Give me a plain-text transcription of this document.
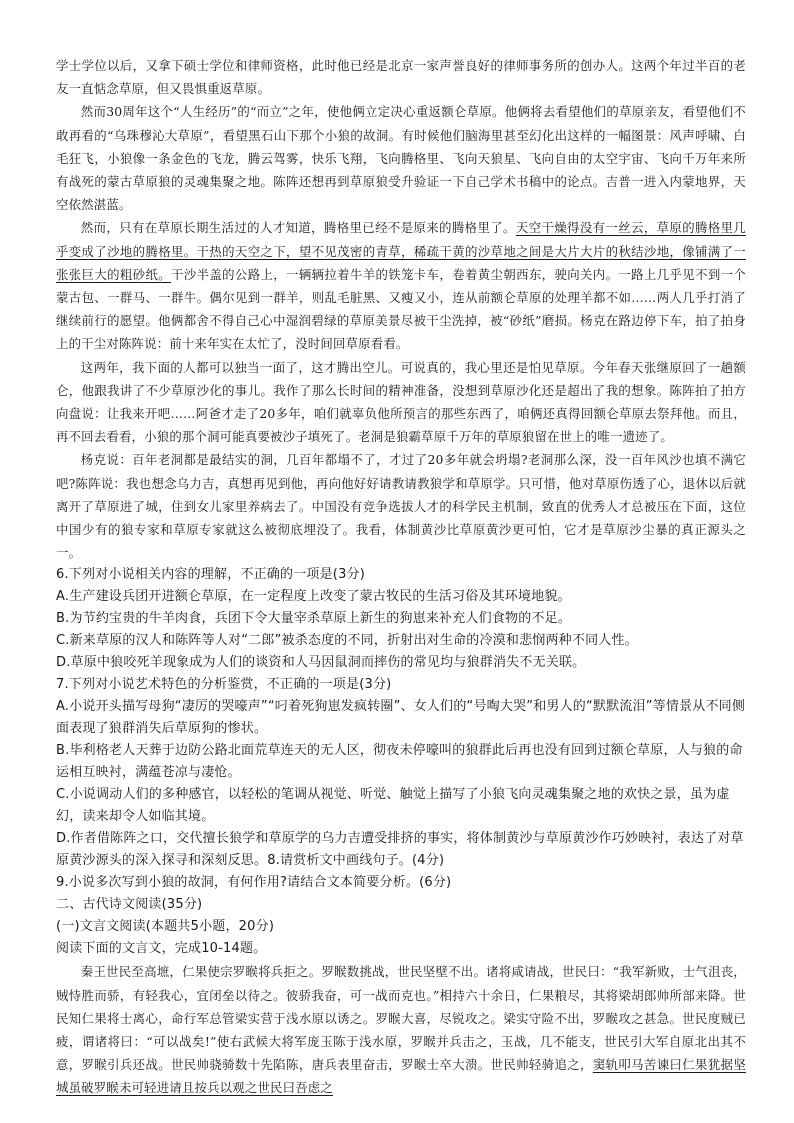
学士学位以后，又拿下硕士学位和律师资格，此时他已经是北京一家声誉良好的律师事务所的创办人。这两个年过半百的老友一直惦念草原，但又畏惧重返草原。

然而30周年这个“人生经历”的“而立”之年，使他俩立定决心重返额仑草原。他俩将去看望他们的草原亲友，看望他们不敢再看的“乌珠穆沁大草原”，看望黑石山下那个小狼的故洞。有时候他们脑海里甚至幻化出这样的一幅图景：风声呼啸、白毛狂飞，小狼像一条金色的飞龙，腾云驾雾，快乐飞翔，飞向腾格里、飞向天狼星、飞向自由的太空宇宙、飞向千万年来所有战死的蒙古草原狼的灵魂集聚之地。陈阵还想再到草原狼受升验证一下自己学术书稿中的论点。吉普一进入内蒙地界，天空依然湛蓝。

然而，只有在草原长期生活过的人才知道，腾格里已经不是原来的腾格里了。天空干燥得没有一丝云，草原的腾格里几乎变成了沙地的腾格里。干热的天空之下，望不见茂密的青草，稀疏干黄的沙草地之间是大片大片的秋结沙地，像铺满了一张张巨大的粗砂纸。干沙半盖的公路上，一辆辆拉着牛羊的铁笼卡车，卷着黄尘朝西东，驶向关内。一路上几乎见不到一个蒙古包、一群马、一群牛。偶尔见到一群羊，则乱毛脏黑、又瘦又小，连从前额仑草原的处理羊都不如……两人几乎打消了继续前行的愿望。他俩都舍不得自己心中湿润碧绿的草原美景尽被干尘洗掉，被“砂纸”磨损。杨克在路边停下车，拍了拍身上的干尘对陈阵说：前十来年实在太忙了，没时间回草原看看。

这两年，我下面的人都可以独当一面了，这才腾出空儿。可说真的，我心里还是怕见草原。今年春天张继原回了一趟额仑，他跟我讲了不少草原沙化的事儿。我作了那么长时间的精神准备，没想到草原沙化还是超出了我的想象。陈阵拍了拍方向盘说：让我来开吧……阿爸才走了20多年，咱们就辜负他所预言的那些东西了，咱俩还真得回额仑草原去祭拜他。而且，再不回去看看，小狼的那个洞可能真要被沙子填死了。老洞是狼霸草原千万年的草原狼留在世上的唯一遗迹了。

杨克说：百年老洞都是最结实的洞，几百年都塌不了，才过了20多年就会坍塌?老洞那么深，没一百年风沙也填不满它吧?陈阵说：我也想念乌力吉，真想再见到他，再向他好好请教请教狼学和草原学。只可惜，他对草原伤透了心，退休以后就离开了草原进了城，住到女儿家里养病去了。中国没有竞争选拔人才的科学民主机制，致直的优秀人才总被压在下面，这位中国少有的狼专家和草原专家就这么被彻底埋没了。我看，体制黄沙比草原黄沙更可怕，它才是草原沙尘暴的真正源头之一。

6.下列对小说相关内容的理解，不正确的一项是(3分)

A.生产建设兵团开进额仑草原，在一定程度上改变了蒙古牧民的生活习俗及其环境地貌。

B.为节约宝贵的牛羊肉食，兵团下令大量宰杀草原上新生的狗崽来补充人们食物的不足。

C.新来草原的汉人和陈阵等人对“二郎”被杀态度的不同，折射出对生命的冷漠和悲悯两种不同人性。

D.草原中狼咬死羊现象成为人们的谈资和人马因鼠洞而摔伤的常见均与狼群消失不无关联。

7.下列对小说艺术特色的分析鉴赏，不正确的一项是(3分)

A.小说开头描写母狗“凄厉的哭嚎声”“叼着死狗崽发疯转圈”、女人们的“号啕大哭”和男人的“默默流泪”等情景从不同侧面表现了狼群消失后草原狗的惨状。

B.毕利格老人天葬于边防公路北面荒草连天的无人区，彻夜未停嚎叫的狼群此后再也没有回到过额仑草原，人与狼的命运相互映衬，满蕴苍凉与凄怆。

C.小说调动人们的多种感官，以轻松的笔调从视觉、听觉、触觉上描写了小狼飞向灵魂集聚之地的欢快之景，虽为虚幻，读来却令人如临其境。

D.作者借陈阵之口，交代擅长狼学和草原学的乌力吉遭受排挤的事实，将体制黄沙与草原黄沙作巧妙映衬，表达了对草原黄沙源头的深入探寻和深刻反思。8.请赏析文中画线句子。(4分)

9.小说多次写到小狼的故洞，有何作用?请结合文本简要分析。(6分)

二、古代诗文阅读(35分)

(一)文言文阅读(本题共5小题，20分)

阅读下面的文言文，完成10-14题。

秦王世民至高墌，仁果使宗罗睺将兵拒之。罗睺数挑战，世民坚壁不出。诸将咸请战，世民曰：“我军新败，士气沮丧，贼恃胜而骄，有轻我心，宜闭垒以待之。彼骄我奋，可一战而克也。”相持六十余日，仁果粮尽，其将梁胡郎帅所部来降。世民知仁果将士离心，命行军总管梁实营于浅水原以诱之。罗睺大喜，尽锐攻之。梁实守险不出，罗睺攻之甚急。世民度贼已疲，谓诸将曰：“可以战矣!”使右武候大将军庞玉陈于浅水原，罗睺并兵击之，玉战，几不能支，世民引大军自原北出其不意，罗睺引兵还战。世民帅骁骑数十先陷陈，唐兵表里奋击，罗睺士卒大溃。世民帅轻骑追之，窦轨叩马苦谏曰仁果犹据坚城虽破罗睺未可轻进请且按兵以观之世民曰吾虑之
